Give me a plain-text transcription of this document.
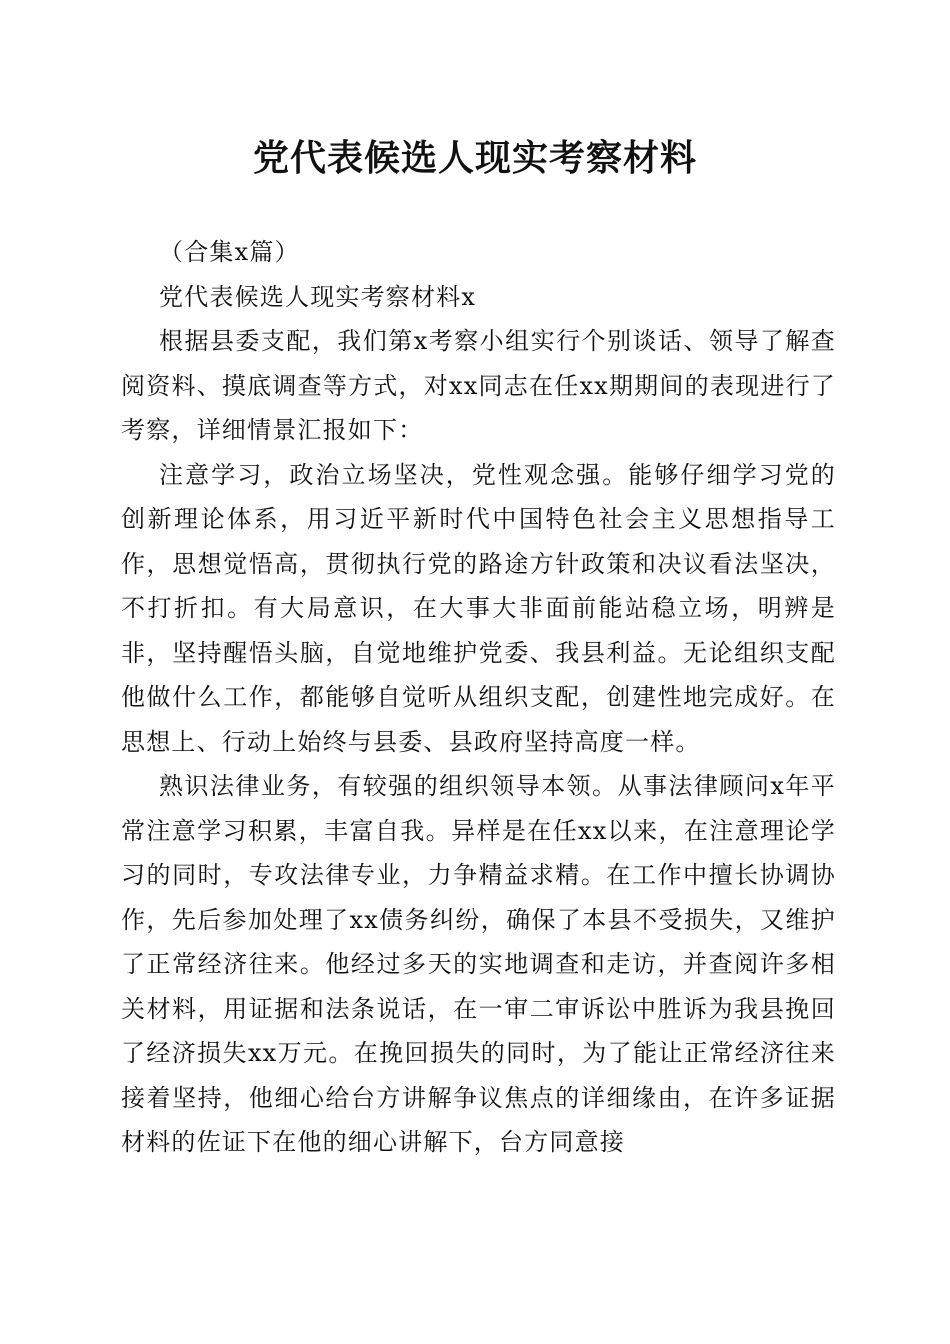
党代表候选人现实考察材料

（合集x篇）

党代表候选人现实考察材料x

根据县委支配，我们第x考察小组实行个别谈话、领导了解查阅资料、摸底调查等方式，对xx同志在任xx期期间的表现进行了考察，详细情景汇报如下：

注意学习，政治立场坚决，党性观念强。能够仔细学习党的创新理论体系，用习近平新时代中国特色社会主义思想指导工作，思想觉悟高，贯彻执行党的路途方针政策和决议看法坚决，不打折扣。有大局意识，在大事大非面前能站稳立场，明辨是非，坚持醒悟头脑，自觉地维护党委、我县利益。无论组织支配他做什么工作，都能够自觉听从组织支配，创建性地完成好。在思想上、行动上始终与县委、县政府坚持高度一样。

熟识法律业务，有较强的组织领导本领。从事法律顾问x年平常注意学习积累，丰富自我。异样是在任xx以来，在注意理论学习的同时，专攻法律专业，力争精益求精。在工作中擅长协调协作，先后参加处理了xx债务纠纷，确保了本县不受损失，又维护了正常经济往来。他经过多天的实地调查和走访，并查阅许多相关材料，用证据和法条说话，在一审二审诉讼中胜诉为我县挽回了经济损失xx万元。在挽回损失的同时，为了能让正常经济往来接着坚持，他细心给台方讲解争议焦点的详细缘由，在许多证据材料的佐证下在他的细心讲解下，台方同意接
